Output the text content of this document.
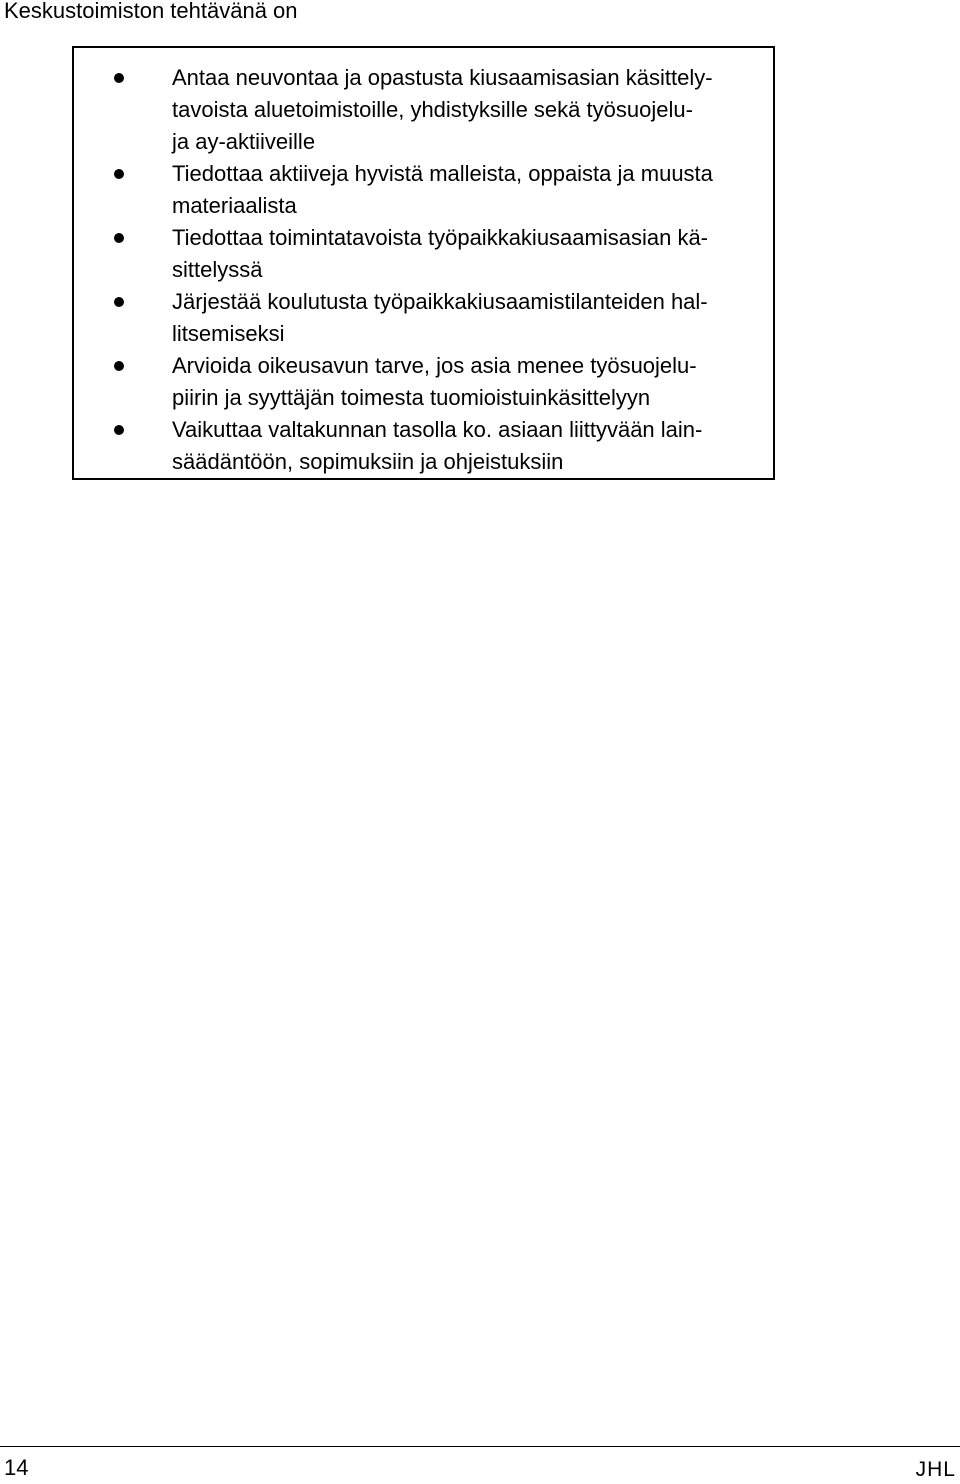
Keskustoimiston tehtävänä on
Antaa neuvontaa ja opastusta kiusaamisasian käsittely-
tavoista aluetoimistoille, yhdistyksille sekä työsuojelu-
ja ay-aktiiveille
Tiedottaa aktiiveja hyvistä malleista, oppaista ja muusta
materiaalista
Tiedottaa toimintatavoista työpaikkakiusaamisasian kä-
sittelyssä
Järjestää koulutusta työpaikkakiusaamistilanteiden hal-
litsemiseksi
Arvioida oikeusavun tarve, jos asia menee työsuojelu-
piirin ja syyttäjän toimesta tuomioistuinkäsittelyyn
Vaikuttaa valtakunnan tasolla ko. asiaan liittyvään lain-
säädäntöön, sopimuksiin ja ohjeistuksiin
14	JHL
